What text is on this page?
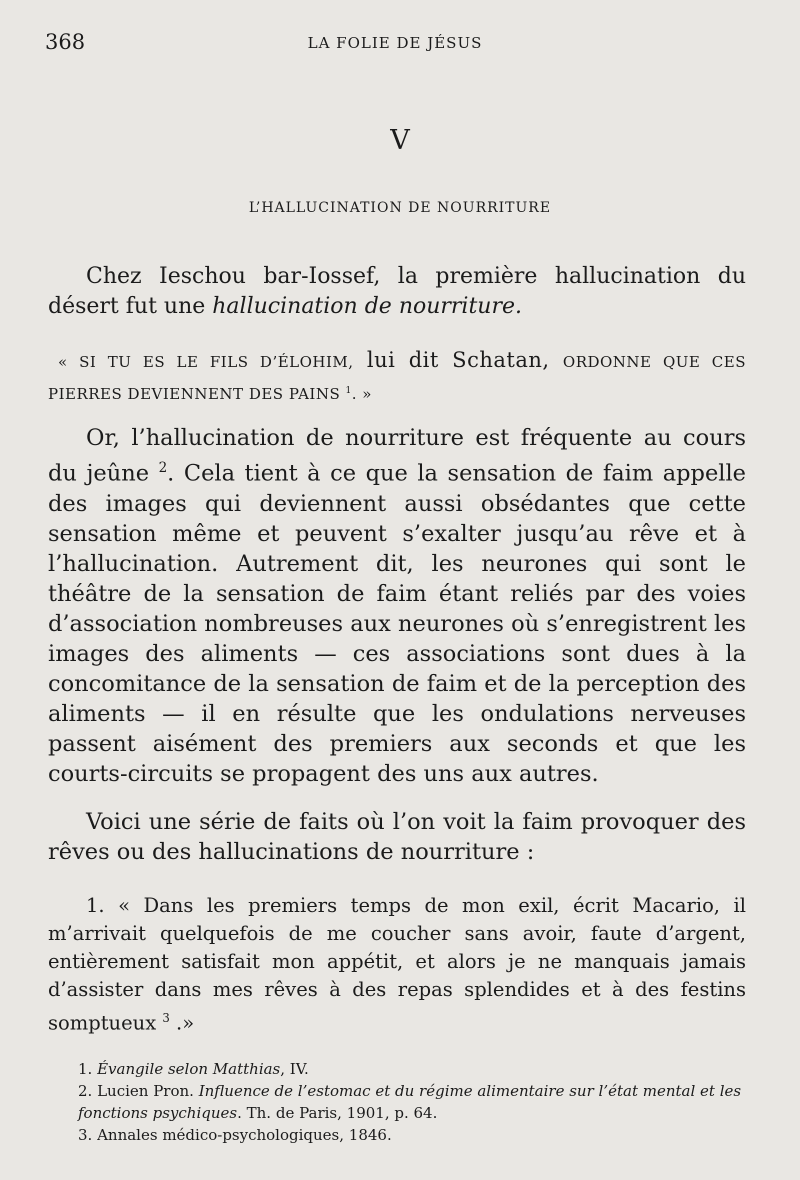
368	LA FOLIE DE JÉSUS
V
L’HALLUCINATION DE NOURRITURE

Chez Ieschou bar-Iossef, la première hallucination du désert fut une hallucination de nourriture.

« SI TU ES LE FILS D’ÉLOHIM, lui dit Schatan, ORDONNE QUE CES PIERRES DEVIENNENT DES PAINS $^1$. »

Or, l’hallucination de nourriture est fréquente au cours du jeûne $^2$. Cela tient à ce que la sensation de faim appelle des images qui deviennent aussi obsédantes que cette sensation même et peuvent s’exalter jusqu’au rêve et à l’hallucination. Autrement dit, les neurones qui sont le théâtre de la sensation de faim étant reliés par des voies d’association nombreuses aux neurones où s’enregistrent les images des aliments — ces associations sont dues à la concomitance de la sensation de faim et de la perception des aliments — il en résulte que les ondulations nerveuses passent aisément des premiers aux seconds et que les courts-circuits se propagent des uns aux autres.

Voici une série de faits où l’on voit la faim provoquer des rêves ou des hallucinations de nourriture :

1. « Dans les premiers temps de mon exil, écrit Macario, il m’arrivait quelquefois de me coucher sans avoir, faute d’argent, entièrement satisfait mon appétit, et alors je ne manquais jamais d’assister dans mes rêves à des repas splendides et à des festins somptueux $^3$ .»

1. Évangile selon Matthias, IV.
2. Lucien Pron. Influence de l’estomac et du régime alimentaire sur l’état mental et les fonctions psychiques. Th. de Paris, 1901, p. 64.
3. Annales médico-psychologiques, 1846.
